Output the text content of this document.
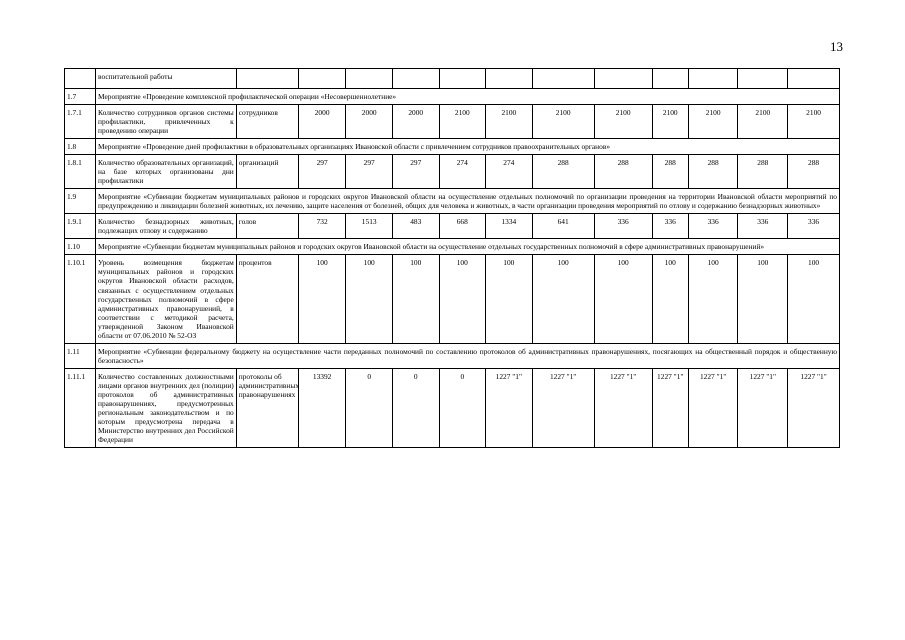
13
	воспитательной работы												
1.7	Мероприятие «Проведение комплексной профилактической операции «Несовершеннолетние»												
1.7.1	Количество сотрудников органов системы профилактики, привлеченных к проведению операции	сотрудников	2000	2000	2000	2100	2100	2100	2100	2100	2100	2100	2100
1.8	Мероприятие «Проведение дней профилактики в образовательных организациях Ивановской области с привлечением сотрудников правоохранительных органов»												
1.8.1	Количество образовательных организаций, на базе которых организованы дни профилактики	организаций	297	297	297	274	274	288	288	288	288	288	288
1.9	Мероприятие «Субвенции бюджетам муниципальных районов и городских округов Ивановской области на осуществление отдельных полномочий по организации проведения на территории Ивановской области мероприятий по предупреждению и ликвидации болезней животных, их лечению, защите населения от болезней, общих для человека и животных, в части организации проведения мероприятий по отлову и содержанию безнадзорных животных»												
1.9.1	Количество безнадзорных животных, подлежащих отлову и содержанию	голов	732	1513	483	668	1334	641	336	336	336	336	336
1.10	Мероприятие «Субвенции бюджетам муниципальных районов и городских округов Ивановской области на осуществление отдельных государственных полномочий в сфере административных правонарушений»												
1.10.1	Уровень возмещения бюджетам муниципальных районов и городских округов Ивановской области расходов, связанных с осуществлением отдельных государственных полномочий в сфере административных правонарушений, в соответствии с методикой расчета, утвержденной Законом Ивановской области от 07.06.2010 № 52-ОЗ	процентов	100	100	100	100	100	100	100	100	100	100	100
1.11	Мероприятие «Субвенции федеральному бюджету на осуществление части переданных полномочий по составлению протоколов об административных правонарушениях, посягающих на общественный порядок и общественную безопасность»												
1.11.1	Количество составленных должностными лицами органов внутренних дел (полиции) протоколов об административных правонарушениях, предусмотренных региональным законодательством и по которым предусмотрена передача в Министерство внутренних дел Российской Федерации	протоколы об административных правонарушениях	13392	0	0	0	1227 "1"	1227 "1"	1227 "1"	1227 "1"	1227 "1"	1227 "1"	1227 "1"
